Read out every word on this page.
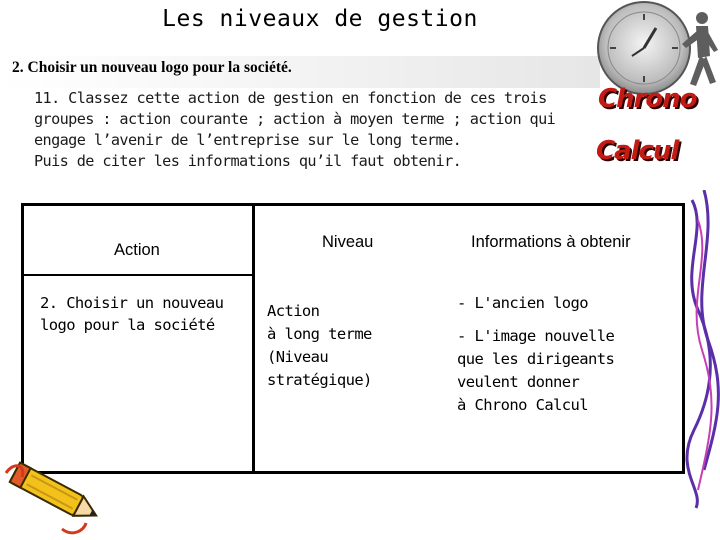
Les niveaux de gestion
2. Choisir un nouveau logo pour la société.

11. Classez cette action de gestion en fonction de ces trois

groupes : action courante ; action à moyen terme ; action qui

engage l’avenir de l’entreprise sur le long terme.

Puis de citer les informations qu’il faut obtenir.

Chrono
Calcul
Action	Niveau	Informations à obtenir
2. Choisir un nouveau
logo pour la société
Action
à long terme
(Niveau
stratégique)

- L'ancien logo

- L'image nouvelle
que les dirigeants
veulent donner
à Chrono Calcul
